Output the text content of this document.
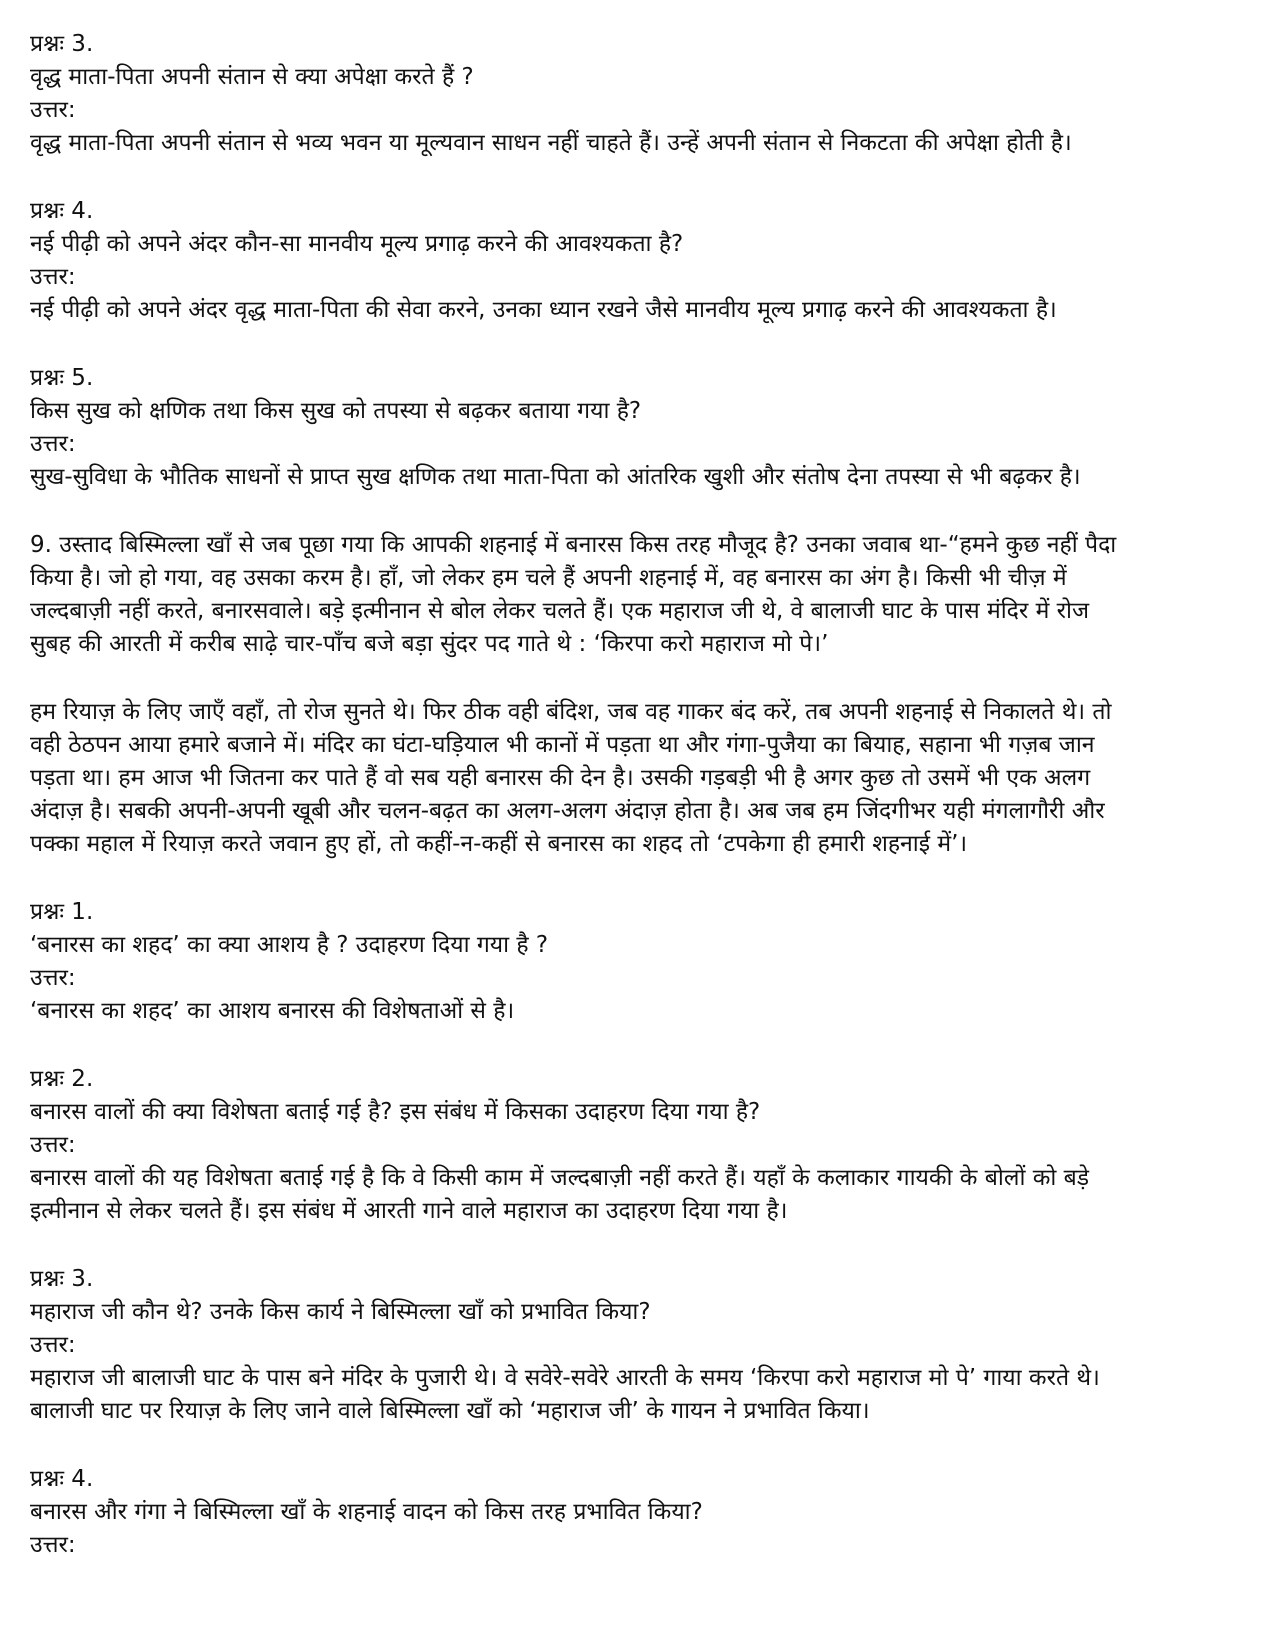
प्रश्नः 3.
वृद्ध माता-पिता अपनी संतान से क्या अपेक्षा करते हैं ?
उत्तर:
वृद्ध माता-पिता अपनी संतान से भव्य भवन या मूल्यवान साधन नहीं चाहते हैं। उन्हें अपनी संतान से निकटता की अपेक्षा होती है।
प्रश्नः 4.
नई पीढ़ी को अपने अंदर कौन-सा मानवीय मूल्य प्रगाढ़ करने की आवश्यकता है?
उत्तर:
नई पीढ़ी को अपने अंदर वृद्ध माता-पिता की सेवा करने, उनका ध्यान रखने जैसे मानवीय मूल्य प्रगाढ़ करने की आवश्यकता है।
प्रश्नः 5.
किस सुख को क्षणिक तथा किस सुख को तपस्या से बढ़कर बताया गया है?
उत्तर:
सुख-सुविधा के भौतिक साधनों से प्राप्त सुख क्षणिक तथा माता-पिता को आंतरिक खुशी और संतोष देना तपस्या से भी बढ़कर है।
9. उस्ताद बिस्मिल्ला खाँ से जब पूछा गया कि आपकी शहनाई में बनारस किस तरह मौजूद है? उनका जवाब था-“हमने कुछ नहीं पैदा
किया है। जो हो गया, वह उसका करम है। हाँ, जो लेकर हम चले हैं अपनी शहनाई में, वह बनारस का अंग है। किसी भी चीज़ में
जल्दबाज़ी नहीं करते, बनारसवाले। बड़े इत्मीनान से बोल लेकर चलते हैं। एक महाराज जी थे, वे बालाजी घाट के पास मंदिर में रोज
सुबह की आरती में करीब साढ़े चार-पाँच बजे बड़ा सुंदर पद गाते थे : ‘किरपा करो महाराज मो पे।’
हम रियाज़ के लिए जाएँ वहाँ, तो रोज सुनते थे। फिर ठीक वही बंदिश, जब वह गाकर बंद करें, तब अपनी शहनाई से निकालते थे। तो
वही ठेठपन आया हमारे बजाने में। मंदिर का घंटा-घड़ियाल भी कानों में पड़ता था और गंगा-पुजैया का बियाह, सहाना भी गज़ब जान
पड़ता था। हम आज भी जितना कर पाते हैं वो सब यही बनारस की देन है। उसकी गड़बड़ी भी है अगर कुछ तो उसमें भी एक अलग
अंदाज़ है। सबकी अपनी-अपनी खूबी और चलन-बढ़त का अलग-अलग अंदाज़ होता है। अब जब हम जिंदगीभर यही मंगलागौरी और
पक्का महाल में रियाज़ करते जवान हुए हों, तो कहीं-न-कहीं से बनारस का शहद तो ‘टपकेगा ही हमारी शहनाई में’।
प्रश्नः 1.
‘बनारस का शहद’ का क्या आशय है ? उदाहरण दिया गया है ?
उत्तर:
‘बनारस का शहद’ का आशय बनारस की विशेषताओं से है।
प्रश्नः 2.
बनारस वालों की क्या विशेषता बताई गई है? इस संबंध में किसका उदाहरण दिया गया है?
उत्तर:
बनारस वालों की यह विशेषता बताई गई है कि वे किसी काम में जल्दबाज़ी नहीं करते हैं। यहाँ के कलाकार गायकी के बोलों को बड़े
इत्मीनान से लेकर चलते हैं। इस संबंध में आरती गाने वाले महाराज का उदाहरण दिया गया है।
प्रश्नः 3.
महाराज जी कौन थे? उनके किस कार्य ने बिस्मिल्ला खाँ को प्रभावित किया?
उत्तर:
महाराज जी बालाजी घाट के पास बने मंदिर के पुजारी थे। वे सवेरे-सवेरे आरती के समय ‘किरपा करो महाराज मो पे’ गाया करते थे।
बालाजी घाट पर रियाज़ के लिए जाने वाले बिस्मिल्ला खाँ को ‘महाराज जी’ के गायन ने प्रभावित किया।
प्रश्नः 4.
बनारस और गंगा ने बिस्मिल्ला खाँ के शहनाई वादन को किस तरह प्रभावित किया?
उत्तर:
